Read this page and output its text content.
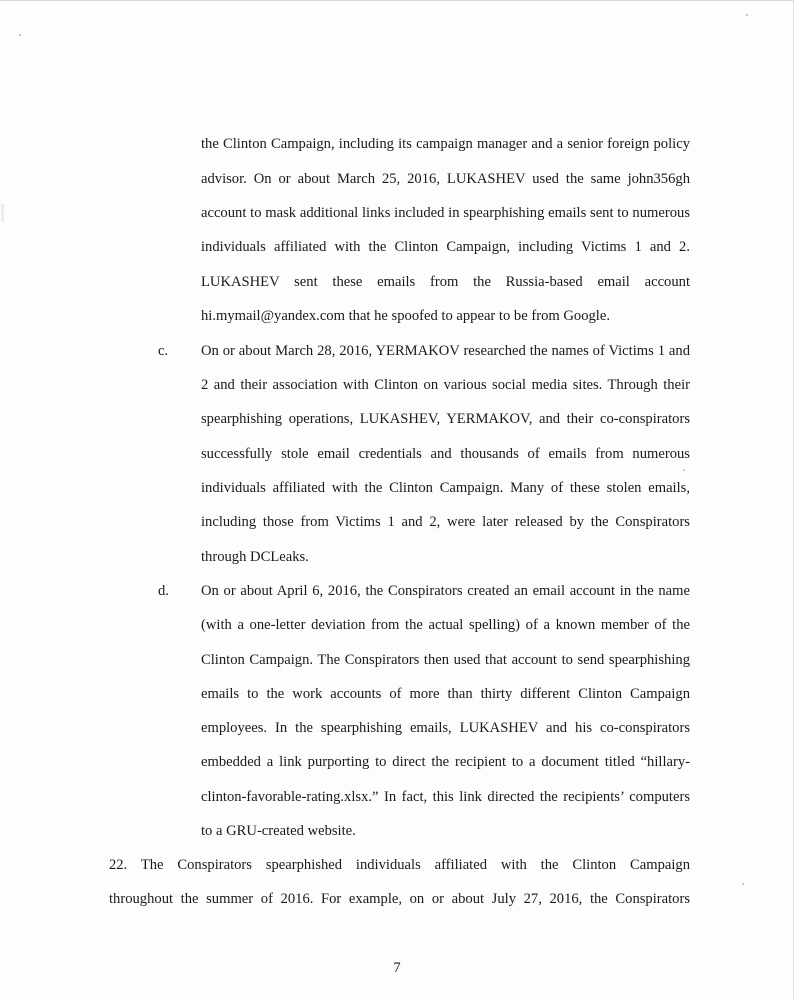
the Clinton Campaign, including its campaign manager and a senior foreign policy

advisor. On or about March 25, 2016, LUKASHEV used the same john356gh

account to mask additional links included in spearphishing emails sent to numerous

individuals affiliated with the Clinton Campaign, including Victims 1 and 2.

LUKASHEV sent these emails from the Russia-based email account

hi.mymail@yandex.com that he spoofed to appear to be from Google.

c. On or about March 28, 2016, YERMAKOV researched the names of Victims 1 and

2 and their association with Clinton on various social media sites. Through their

spearphishing operations, LUKASHEV, YERMAKOV, and their co-conspirators

successfully stole email credentials and thousands of emails from numerous

individuals affiliated with the Clinton Campaign. Many of these stolen emails,

including those from Victims 1 and 2, were later released by the Conspirators

through DCLeaks.

d. On or about April 6, 2016, the Conspirators created an email account in the name

(with a one-letter deviation from the actual spelling) of a known member of the

Clinton Campaign. The Conspirators then used that account to send spearphishing

emails to the work accounts of more than thirty different Clinton Campaign

employees. In the spearphishing emails, LUKASHEV and his co-conspirators

embedded a link purporting to direct the recipient to a document titled “hillary-

clinton-favorable-rating.xlsx.” In fact, this link directed the recipients’ computers

to a GRU-created website.

22. The Conspirators spearphished individuals affiliated with the Clinton Campaign

throughout the summer of 2016. For example, on or about July 27, 2016, the Conspirators

7
